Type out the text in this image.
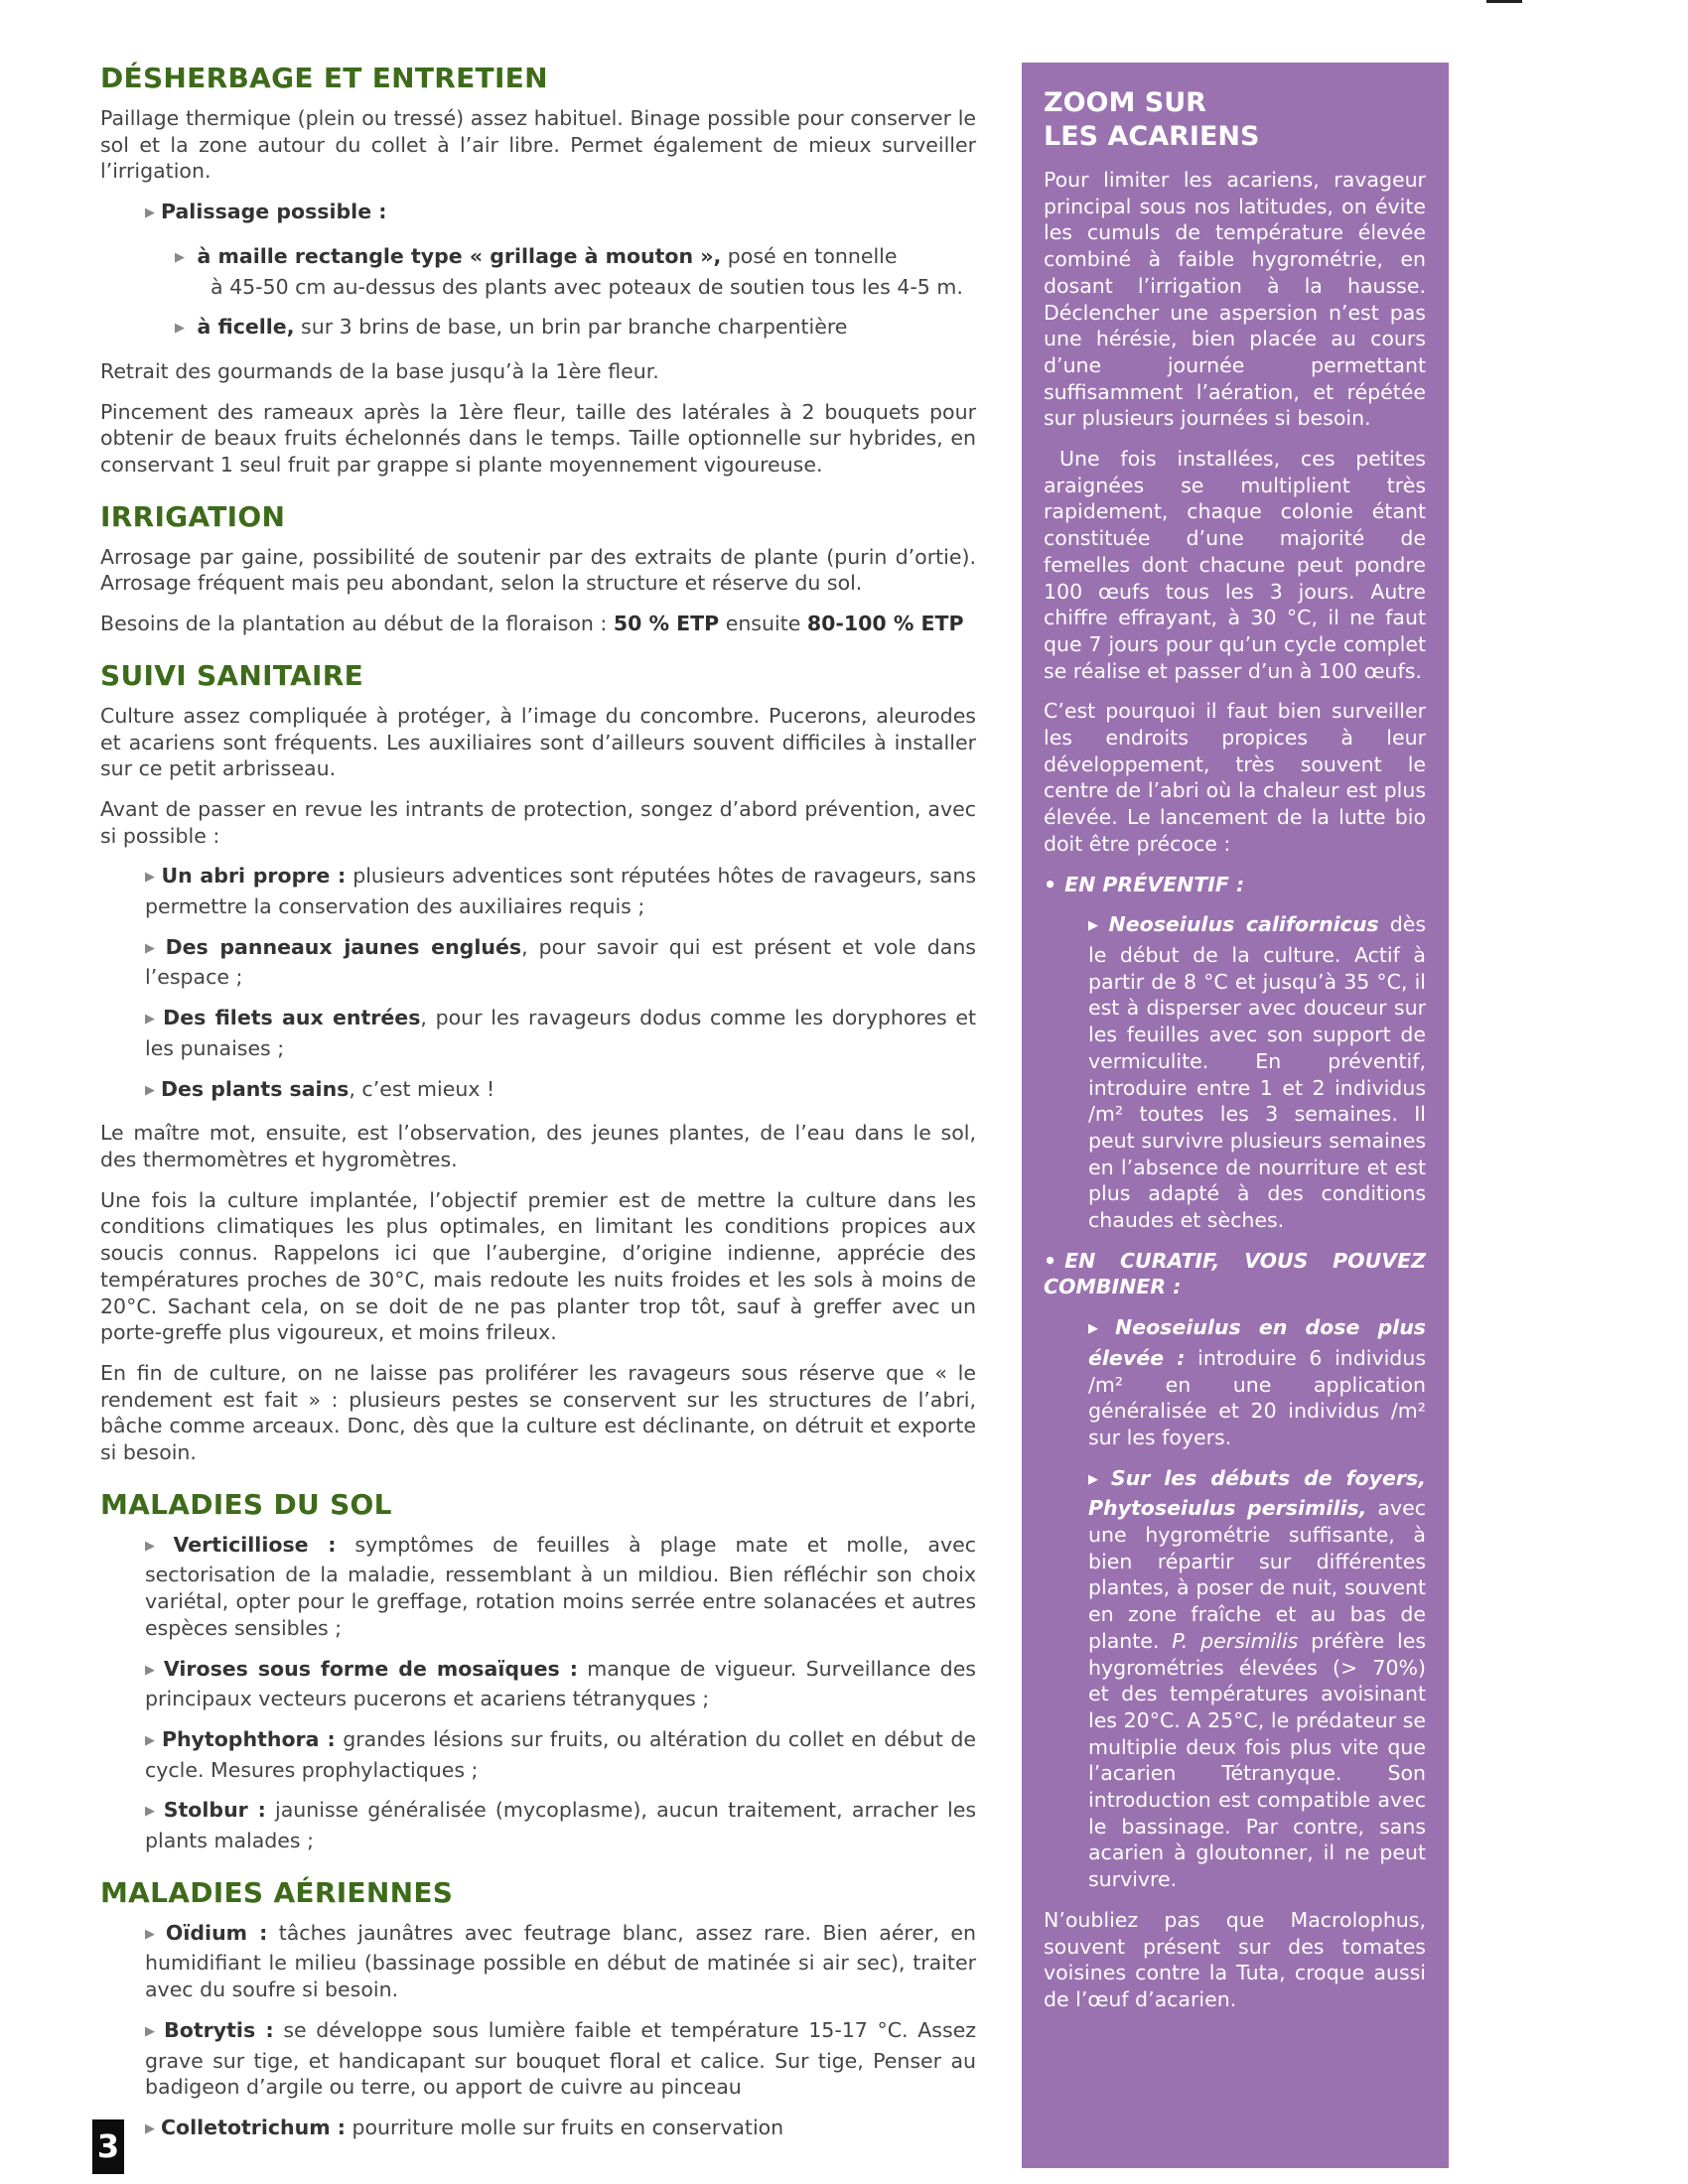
DÉSHERBAGE ET ENTRETIEN

Paillage thermique (plein ou tressé) assez habituel. Binage possible pour conserver le sol et la zone autour du collet à l’air libre. Permet également de mieux surveiller l’irrigation.

▶ Palissage possible :

▶ à maille rectangle type « grillage à mouton », posé en tonnelle
à 45-50 cm au-dessus des plants avec poteaux de soutien tous les 4-5 m.

▶ à ficelle, sur 3 brins de base, un brin par branche charpentière

Retrait des gourmands de la base jusqu’à la 1ère fleur.

Pincement des rameaux après la 1ère fleur, taille des latérales à 2 bouquets pour obtenir de beaux fruits échelonnés dans le temps. Taille optionnelle sur hybrides, en conservant 1 seul fruit par grappe si plante moyennement vigoureuse.

IRRIGATION

Arrosage par gaine, possibilité de soutenir par des extraits de plante (purin d’ortie). Arrosage fréquent mais peu abondant, selon la structure et réserve du sol.

Besoins de la plantation au début de la floraison : 50 % ETP ensuite 80-100 % ETP

SUIVI SANITAIRE

Culture assez compliquée à protéger, à l’image du concombre. Pucerons, aleurodes et acariens sont fréquents. Les auxiliaires sont d’ailleurs souvent difficiles à installer sur ce petit arbrisseau.

Avant de passer en revue les intrants de protection, songez d’abord prévention, avec si possible :

▶ Un abri propre : plusieurs adventices sont réputées hôtes de ravageurs, sans permettre la conservation des auxiliaires requis ;

▶ Des panneaux jaunes englués, pour savoir qui est présent et vole dans l’espace ;

▶ Des filets aux entrées, pour les ravageurs dodus comme les doryphores et les punaises ;

▶ Des plants sains, c’est mieux !

Le maître mot, ensuite, est l’observation, des jeunes plantes, de l’eau dans le sol, des thermomètres et hygromètres.

Une fois la culture implantée, l’objectif premier est de mettre la culture dans les conditions climatiques les plus optimales, en limitant les conditions propices aux soucis connus. Rappelons ici que l’aubergine, d’origine indienne, apprécie des températures proches de 30°C, mais redoute les nuits froides et les sols à moins de 20°C. Sachant cela, on se doit de ne pas planter trop tôt, sauf à greffer avec un porte-greffe plus vigoureux, et moins frileux.

En fin de culture, on ne laisse pas proliférer les ravageurs sous réserve que « le rendement est fait » : plusieurs pestes se conservent sur les structures de l’abri, bâche comme arceaux. Donc, dès que la culture est déclinante, on détruit et exporte si besoin.

MALADIES DU SOL

▶ Verticilliose : symptômes de feuilles à plage mate et molle, avec sectorisation de la maladie, ressemblant à un mildiou. Bien réfléchir son choix variétal, opter pour le greffage, rotation moins serrée entre solanacées et autres espèces sensibles ;

▶ Viroses sous forme de mosaïques : manque de vigueur. Surveillance des principaux vecteurs pucerons et acariens tétranyques ;

▶ Phytophthora : grandes lésions sur fruits, ou altération du collet en début de cycle. Mesures prophylactiques ;

▶ Stolbur : jaunisse généralisée (mycoplasme), aucun traitement, arracher les plants malades ;

MALADIES AÉRIENNES

▶ Oïdium : tâches jaunâtres avec feutrage blanc, assez rare. Bien aérer, en humidifiant le milieu (bassinage possible en début de matinée si air sec), traiter avec du soufre si besoin.

▶ Botrytis : se développe sous lumière faible et température 15-17 °C. Assez grave sur tige, et handicapant sur bouquet floral et calice. Sur tige, Penser au badigeon d’argile ou terre, ou apport de cuivre au pinceau

▶ Colletotrichum : pourriture molle sur fruits en conservation

ZOOM SUR
LES ACARIENS

Pour limiter les acariens, ravageur principal sous nos latitudes, on évite les cumuls de température élevée combiné à faible hygrométrie, en dosant l’irrigation à la hausse. Déclencher une aspersion n’est pas une hérésie, bien placée au cours d’une journée permettant suffisamment l’aération, et répétée sur plusieurs journées si besoin.

Une fois installées, ces petites araignées se multiplient très rapidement, chaque colonie étant constituée d’une majorité de femelles dont chacune peut pondre 100 œufs tous les 3 jours. Autre chiffre effrayant, à 30 °C, il ne faut que 7 jours pour qu’un cycle complet se réalise et passer d’un à 100 œufs.

C’est pourquoi il faut bien surveiller les endroits propices à leur développement, très souvent le centre de l’abri où la chaleur est plus élevée. Le lancement de la lutte bio doit être précoce :

• EN PRÉVENTIF :

▶ Neoseiulus californicus dès le début de la culture. Actif à partir de 8 °C et jusqu’à 35 °C, il est à disperser avec douceur sur les feuilles avec son support de vermiculite. En préventif, introduire entre 1 et 2 individus /m² toutes les 3 semaines. Il peut survivre plusieurs semaines en l’absence de nourriture et est plus adapté à des conditions chaudes et sèches.

• EN CURATIF, VOUS POUVEZ COMBINER :

▶ Neoseiulus en dose plus élevée : introduire 6 individus /m² en une application généralisée et 20 individus /m² sur les foyers.

▶ Sur les débuts de foyers, Phytoseiulus persimilis, avec une hygrométrie suffisante, à bien répartir sur différentes plantes, à poser de nuit, souvent en zone fraîche et au bas de plante. P. persimilis préfère les hygrométries élevées (> 70%) et des températures avoisinant les 20°C. A 25°C, le prédateur se multiplie deux fois plus vite que l’acarien Tétranyque. Son introduction est compatible avec le bassinage. Par contre, sans acarien à gloutonner, il ne peut survivre.

N’oubliez pas que Macrolophus, souvent présent sur des tomates voisines contre la Tuta, croque aussi de l’œuf d’acarien.

3
